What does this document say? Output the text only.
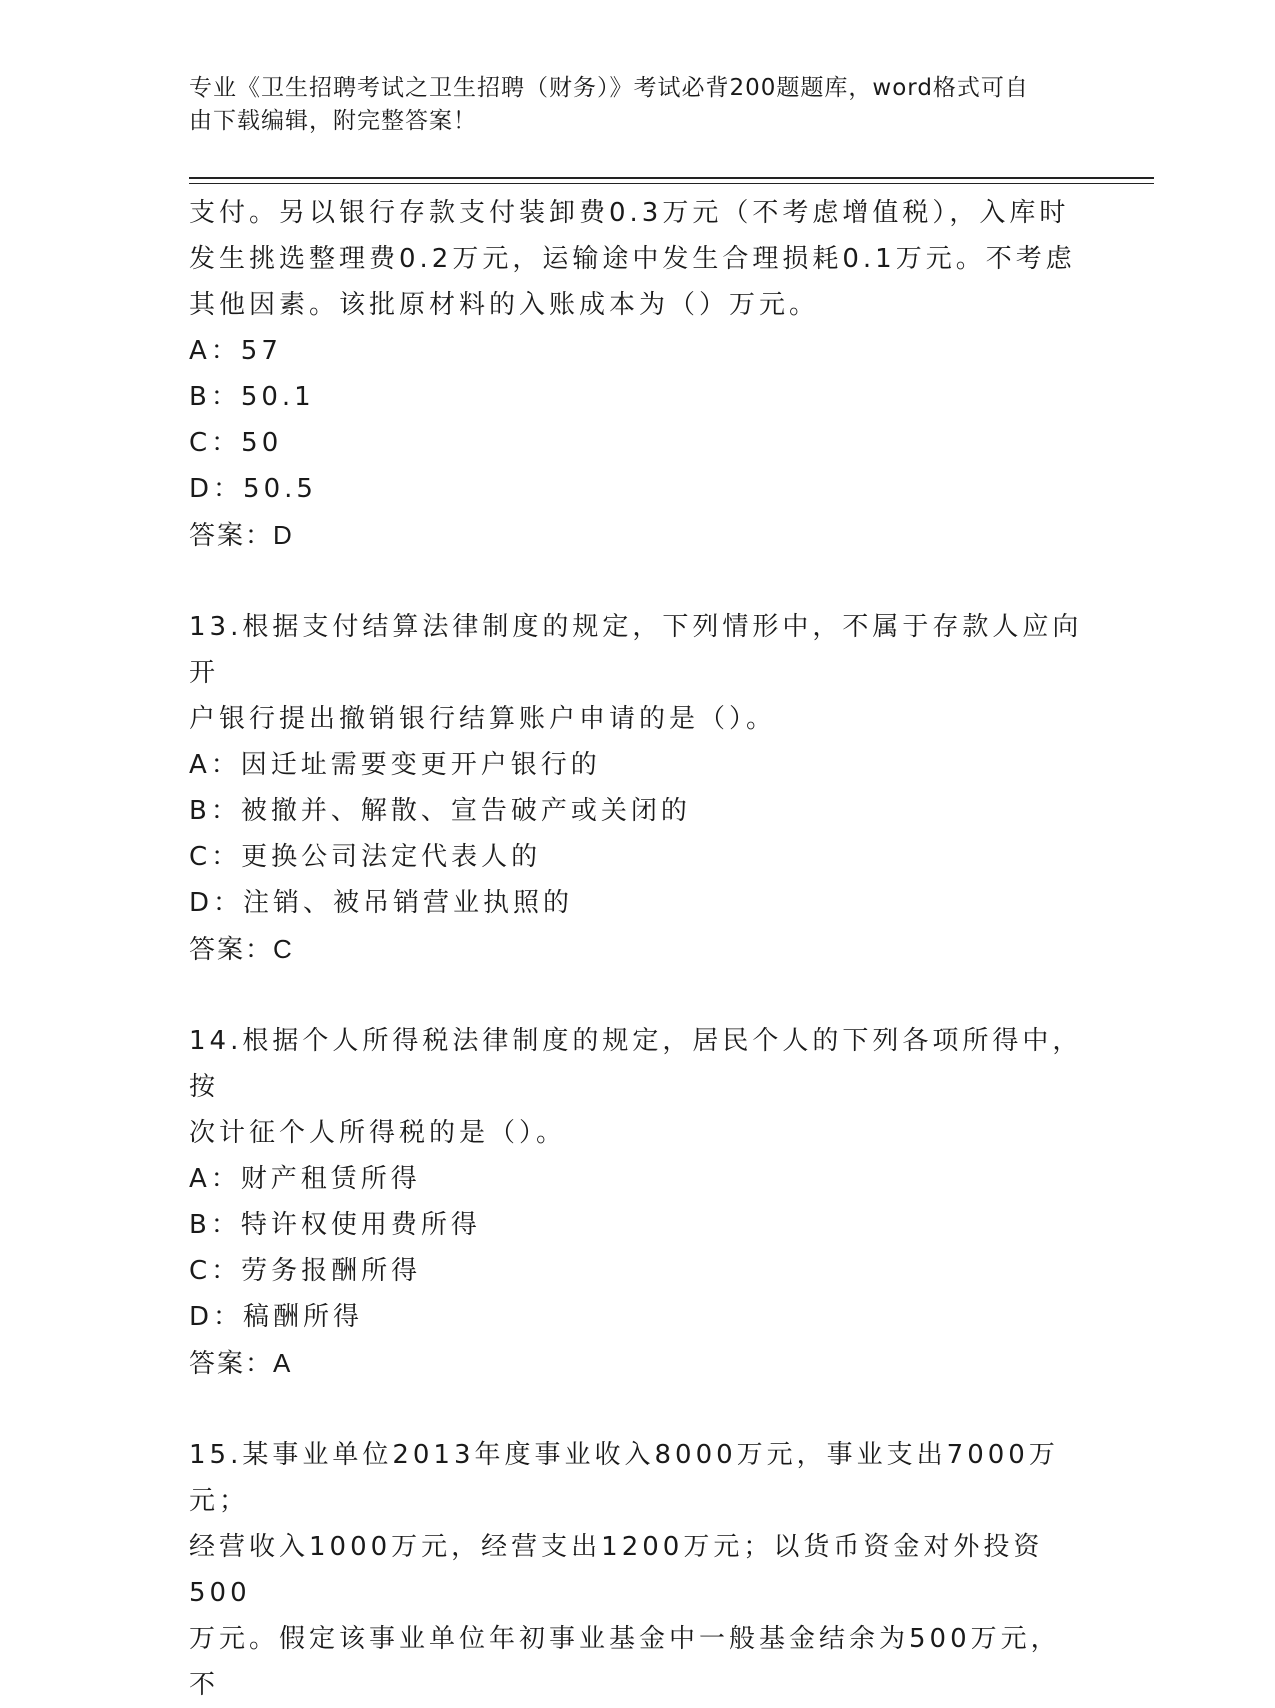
专业《卫生招聘考试之卫生招聘（财务）》考试必背200题题库，word格式可自
由下载编辑，附完整答案！

支付。另以银行存款支付装卸费0.3万元（不考虑增值税），入库时

发生挑选整理费0.2万元，运输途中发生合理损耗0.1万元。不考虑

其他因素。该批原材料的入账成本为（）万元。

A：57

B：50.1

C：50

D：50.5

答案：D

13.根据支付结算法律制度的规定，下列情形中，不属于存款人应向开

户银行提出撤销银行结算账户申请的是（）。

A：因迁址需要变更开户银行的

B：被撤并、解散、宣告破产或关闭的

C：更换公司法定代表人的

D：注销、被吊销营业执照的

答案：C

14.根据个人所得税法律制度的规定，居民个人的下列各项所得中，按

次计征个人所得税的是（）。

A：财产租赁所得

B：特许权使用费所得

C：劳务报酬所得

D：稿酬所得

答案：A

15.某事业单位2013年度事业收入8000万元，事业支出7000万元；

经营收入1000万元，经营支出1200万元；以货币资金对外投资500

万元。假定该事业单位年初事业基金中一般基金结余为500万元，不
